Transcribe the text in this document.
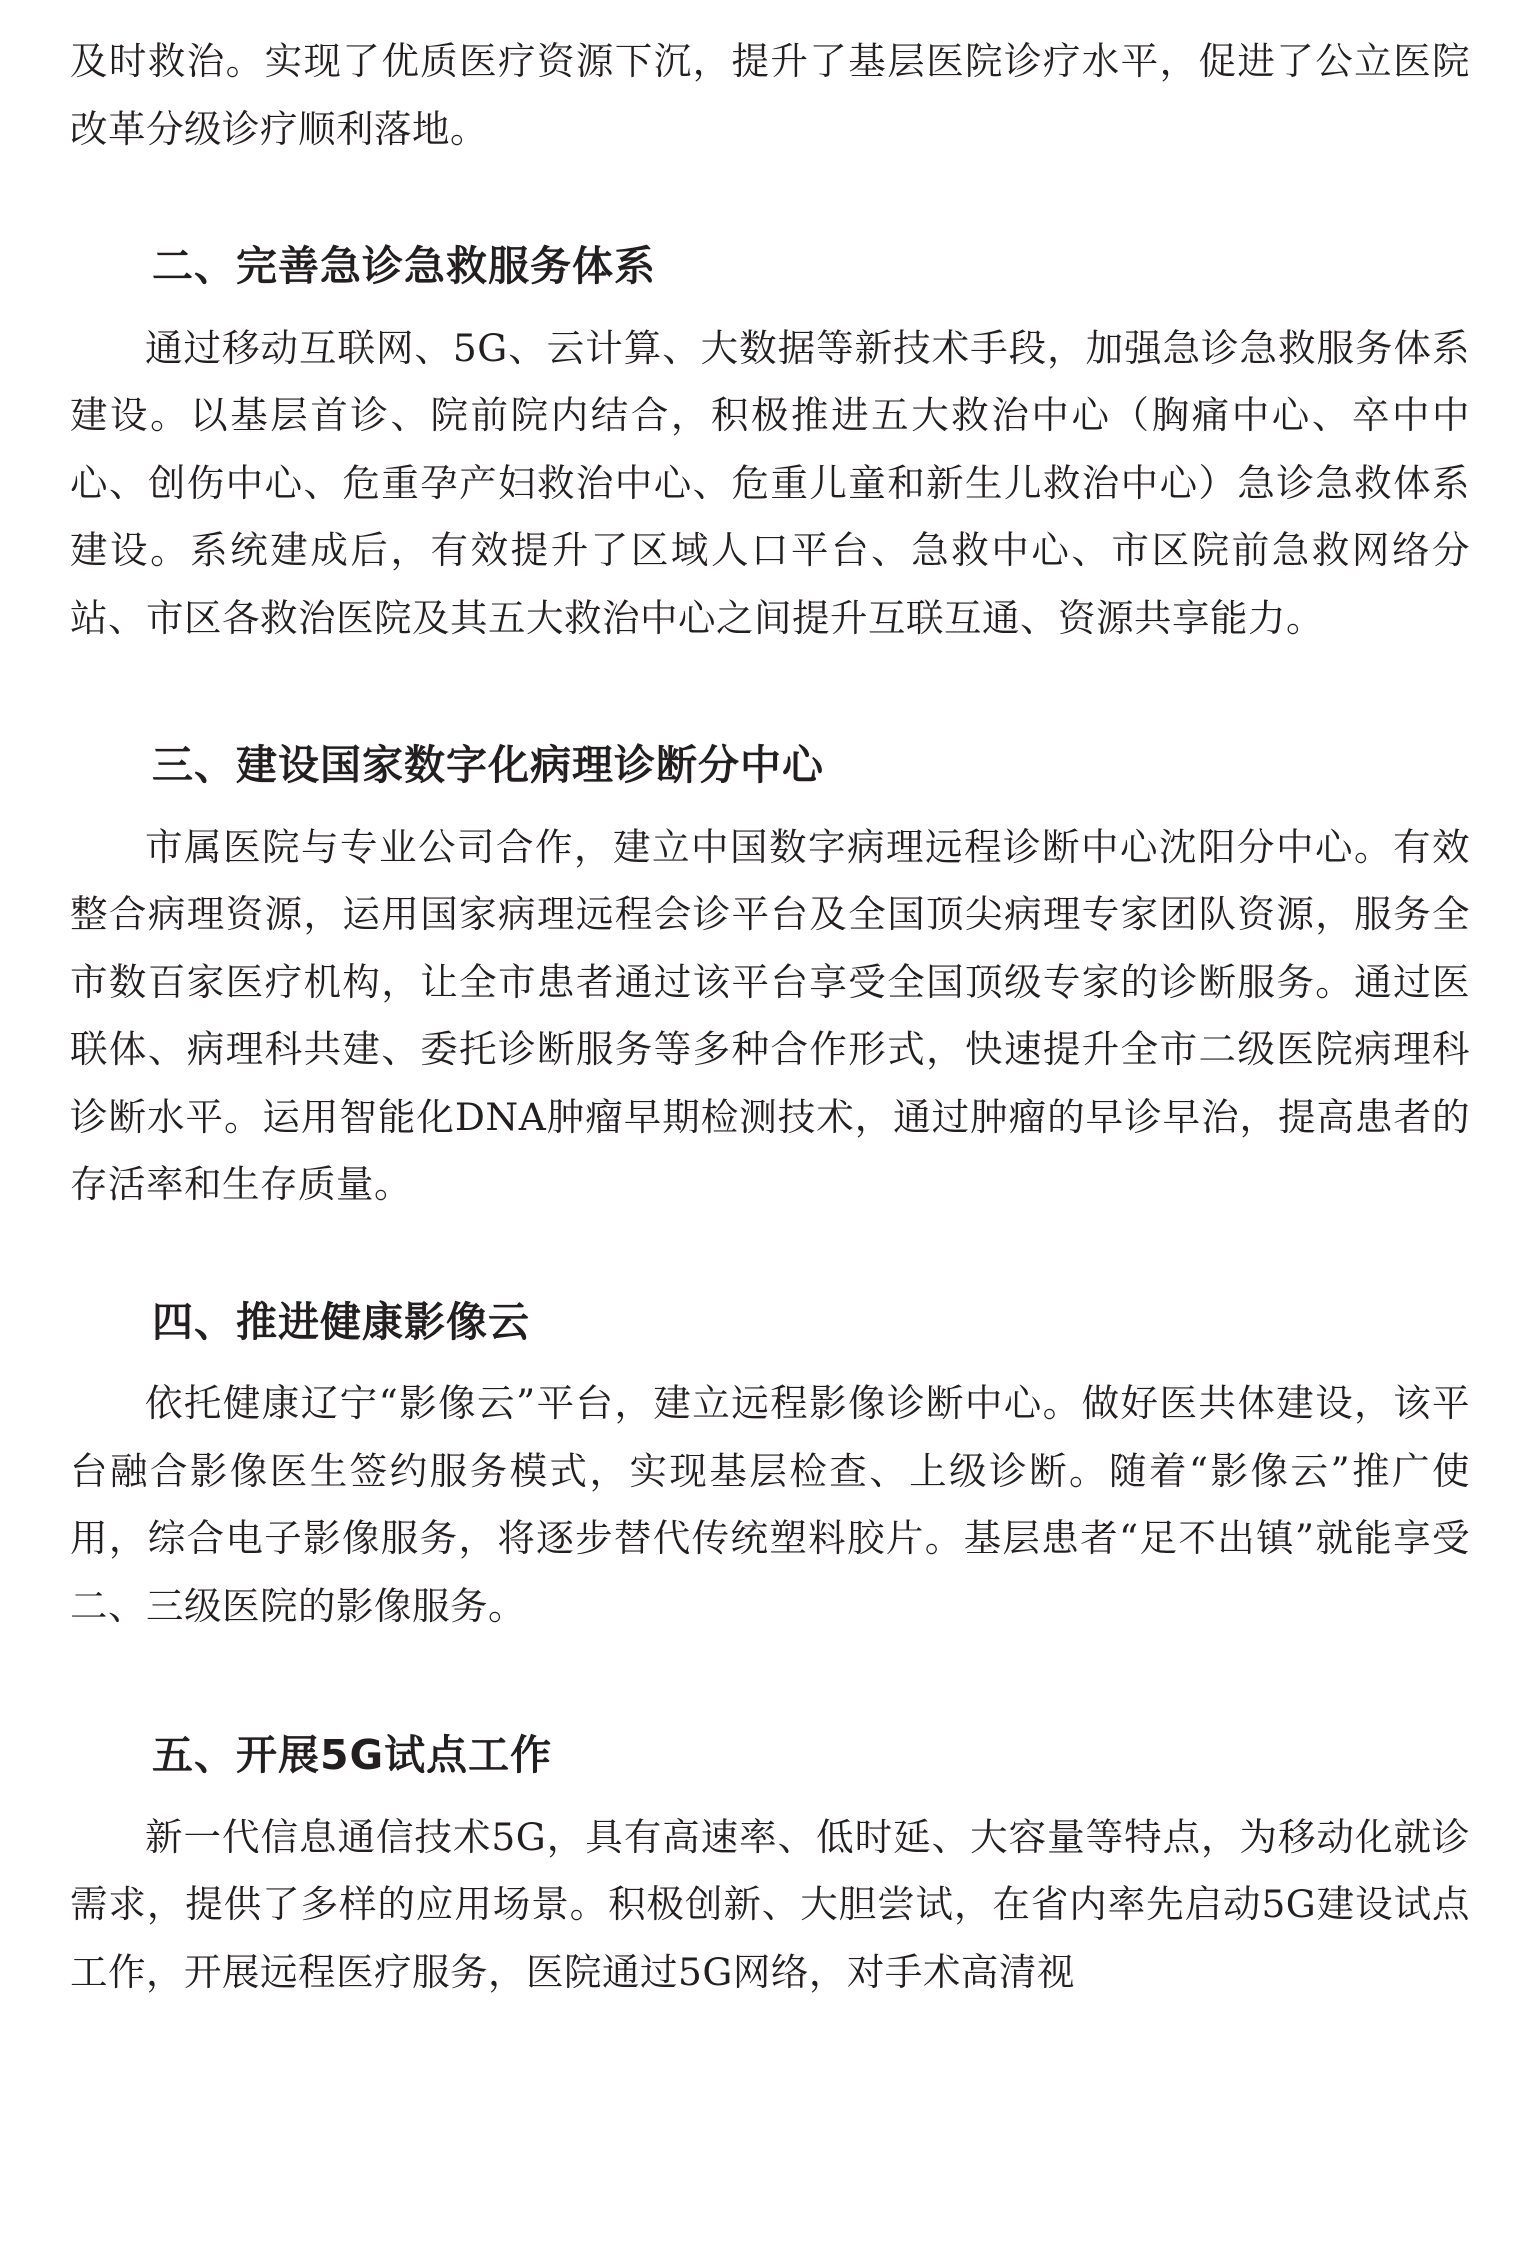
及时救治。实现了优质医疗资源下沉，提升了基层医院诊疗水平，促进了公立医院改革分级诊疗顺利落地。

二、完善急诊急救服务体系

通过移动互联网、5G、云计算、大数据等新技术手段，加强急诊急救服务体系建设。以基层首诊、院前院内结合，积极推进五大救治中心（胸痛中心、卒中中心、创伤中心、危重孕产妇救治中心、危重儿童和新生儿救治中心）急诊急救体系建设。系统建成后，有效提升了区域人口平台、急救中心、市区院前急救网络分站、市区各救治医院及其五大救治中心之间提升互联互通、资源共享能力。

三、建设国家数字化病理诊断分中心

市属医院与专业公司合作，建立中国数字病理远程诊断中心沈阳分中心。有效整合病理资源，运用国家病理远程会诊平台及全国顶尖病理专家团队资源，服务全市数百家医疗机构，让全市患者通过该平台享受全国顶级专家的诊断服务。通过医联体、病理科共建、委托诊断服务等多种合作形式，快速提升全市二级医院病理科诊断水平。运用智能化DNA肿瘤早期检测技术，通过肿瘤的早诊早治，提高患者的存活率和生存质量。

四、推进健康影像云

依托健康辽宁“影像云”平台，建立远程影像诊断中心。做好医共体建设，该平台融合影像医生签约服务模式，实现基层检查、上级诊断。随着“影像云”推广使用，综合电子影像服务，将逐步替代传统塑料胶片。基层患者“足不出镇”就能享受二、三级医院的影像服务。

五、开展5G试点工作

新一代信息通信技术5G，具有高速率、低时延、大容量等特点，为移动化就诊需求，提供了多样的应用场景。积极创新、大胆尝试，在省内率先启动5G建设试点工作，开展远程医疗服务，医院通过5G网络，对手术高清视
